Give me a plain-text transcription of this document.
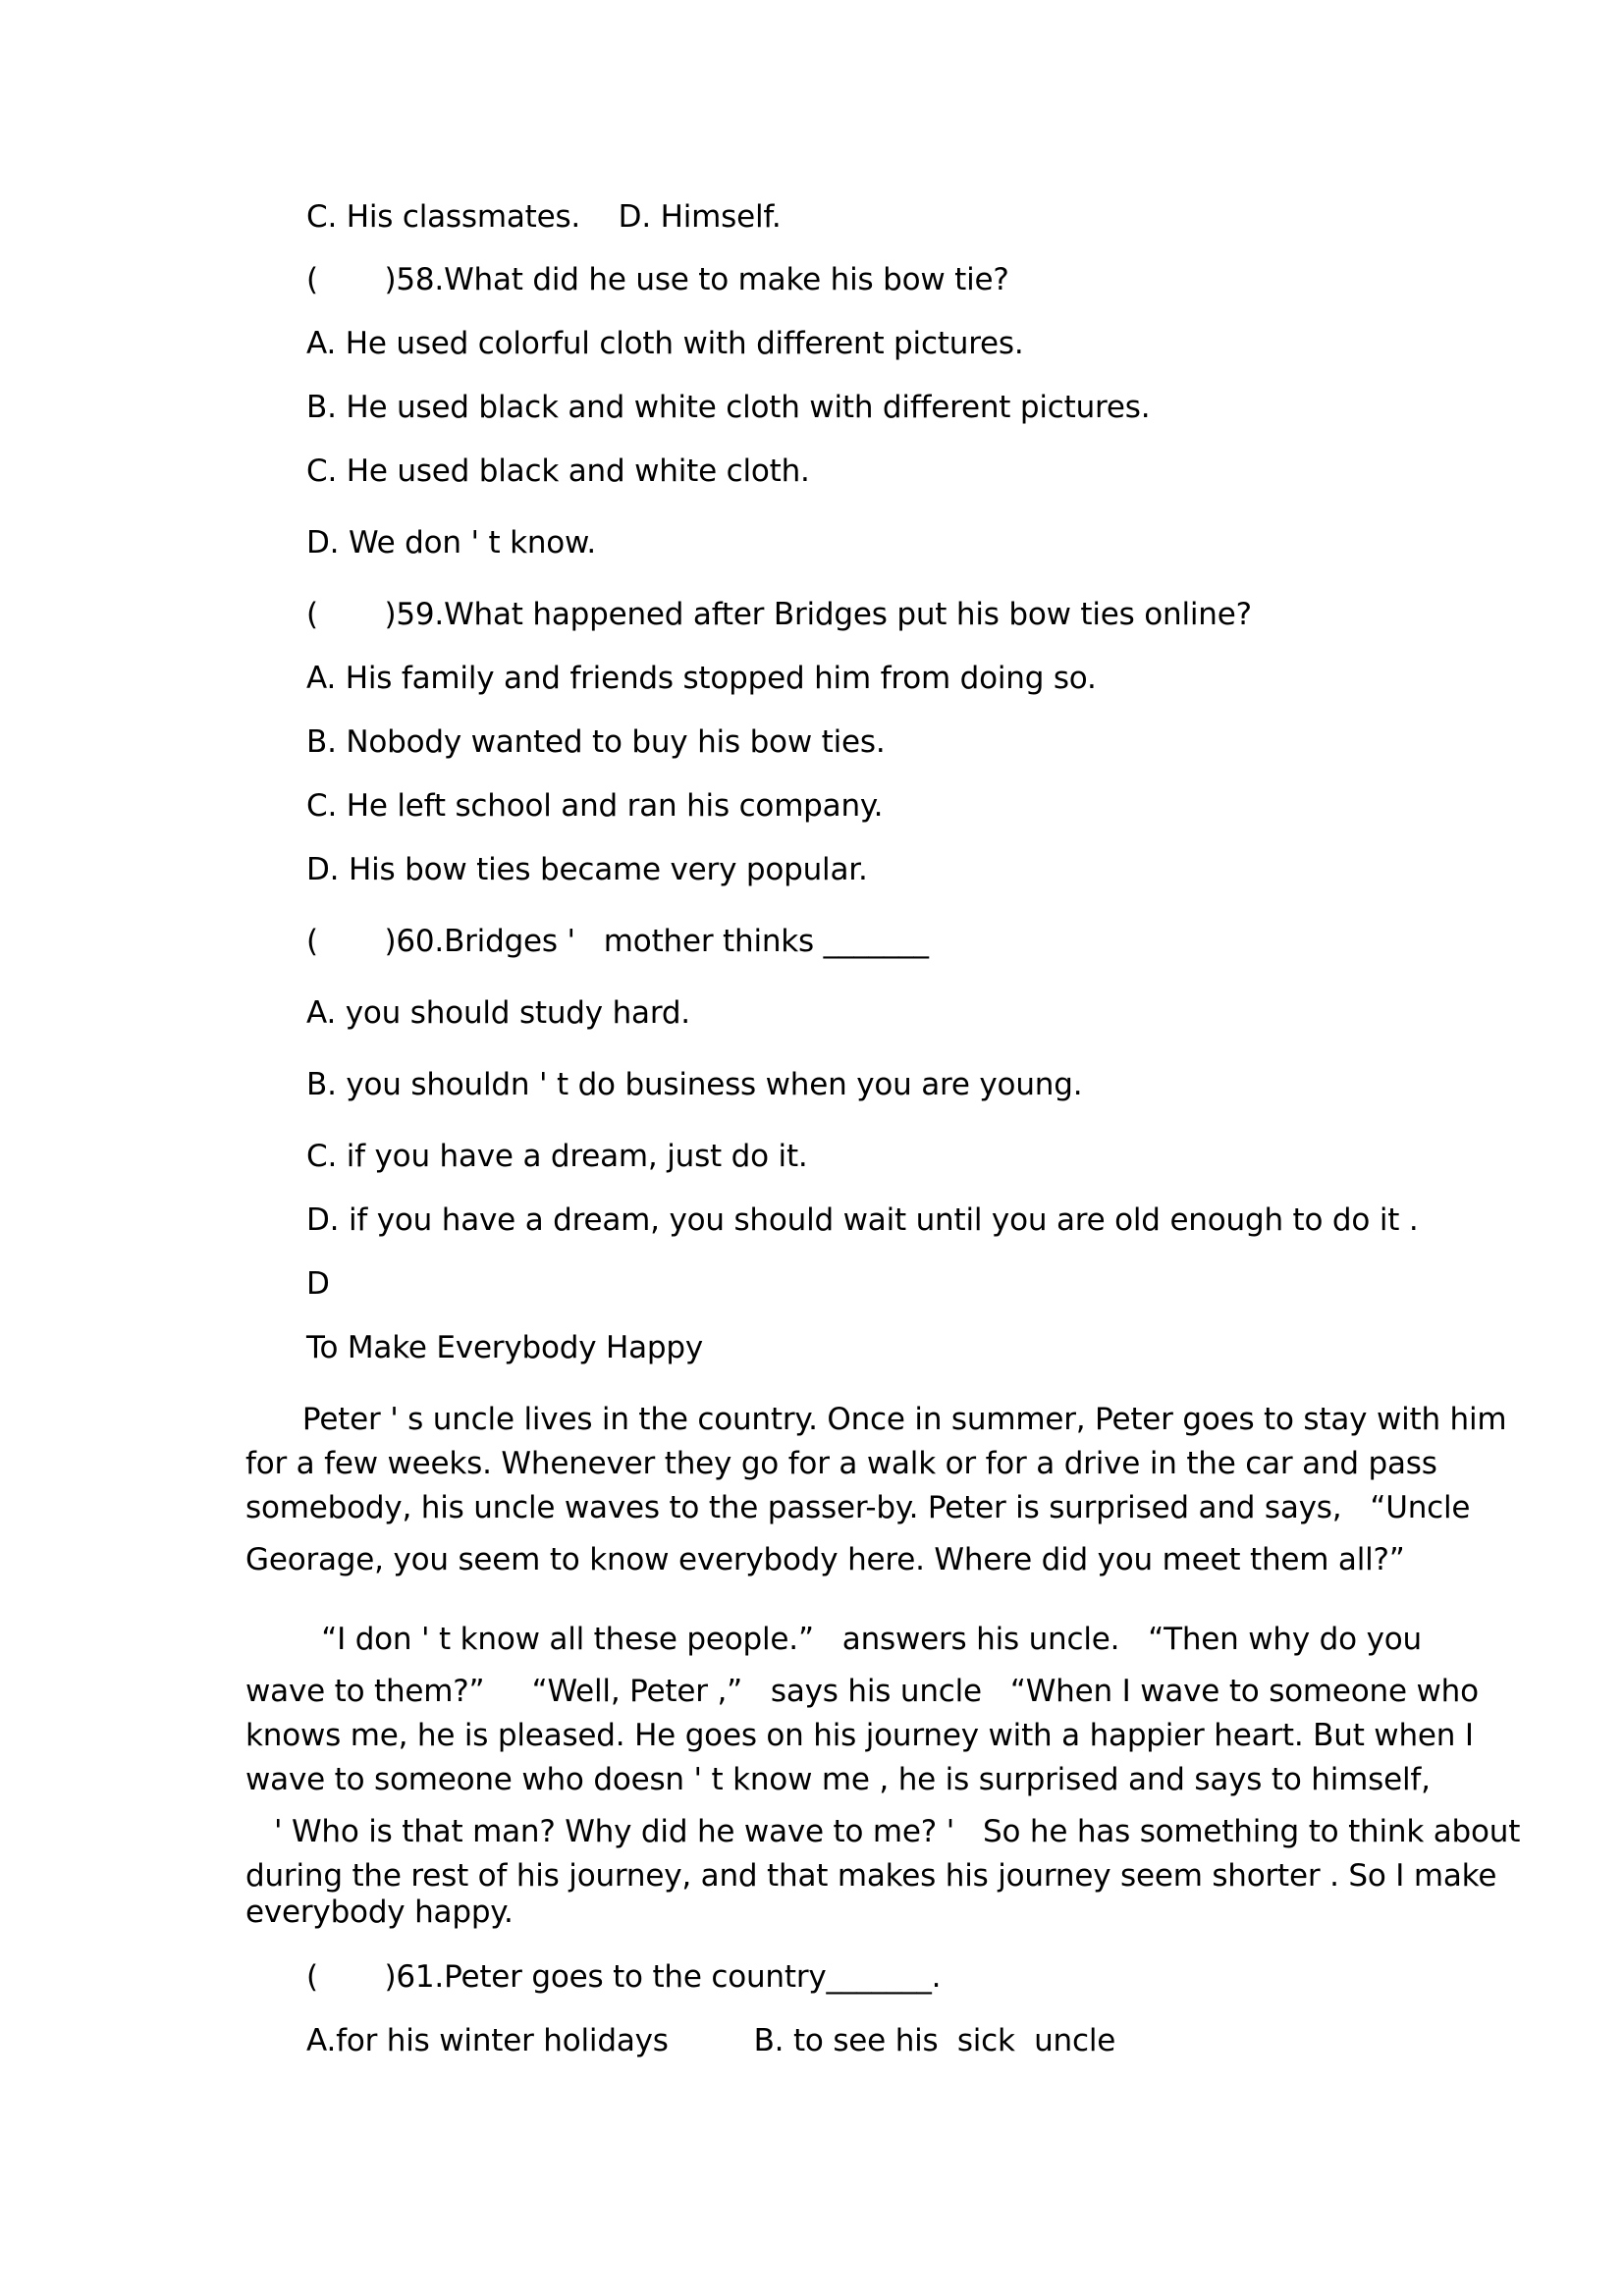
C. His classmates.    D. Himself.
(       )58.What did he use to make his bow tie?
A. He used colorful cloth with different pictures.
B. He used black and white cloth with different pictures.
C. He used black and white cloth.
D. We don ' t know.
(       )59.What happened after Bridges put his bow ties online?
A. His family and friends stopped him from doing so.
B. Nobody wanted to buy his bow ties.
C. He left school and ran his company.
D. His bow ties became very popular.
(       )60.Bridges '   mother thinks _______
A. you should study hard.
B. you shouldn ' t do business when you are young.
C. if you have a dream, just do it.
D. if you have a dream, you should wait until you are old enough to do it .
D
To Make Everybody Happy
Peter ' s uncle lives in the country. Once in summer, Peter goes to stay with him
for a few weeks. Whenever they go for a walk or for a drive in the car and pass
somebody, his uncle waves to the passer-by. Peter is surprised and says,   “Uncle
Georage, you seem to know everybody here. Where did you meet them all?”
“I don ' t know all these people.”   answers his uncle.   “Then why do you
wave to them?”     “Well, Peter ,”   says his uncle   “When I wave to someone who
knows me, he is pleased. He goes on his journey with a happier heart. But when I
wave to someone who doesn ' t know me , he is surprised and says to himself,
' Who is that man? Why did he wave to me? '   So he has something to think about
during the rest of his journey, and that makes his journey seem shorter . So I make
everybody happy.
(       )61.Peter goes to the country_______.
A.for his winter holidays         B. to see his  sick  uncle
